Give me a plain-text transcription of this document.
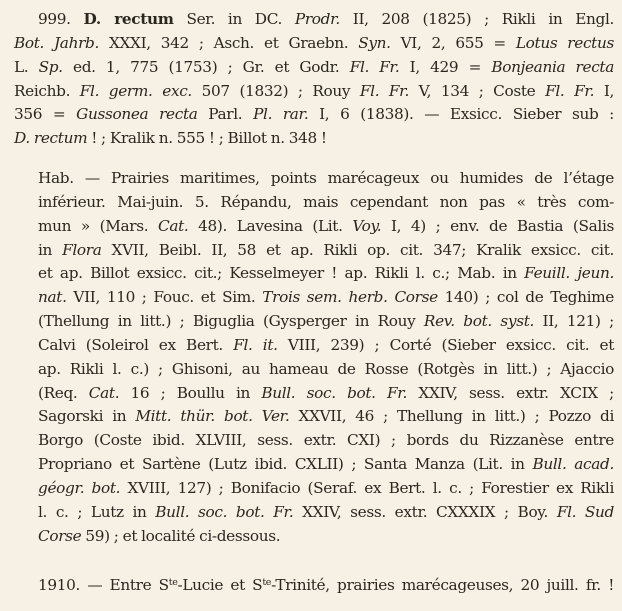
999. D. rectum Ser. in DC. Prodr. II, 208 (1825) ; Rikli in Engl.
Bot. Jahrb. XXXI, 342 ; Asch. et Graebn. Syn. VI, 2, 655 = Lotus rectus
L. Sp. ed. 1, 775 (1753) ; Gr. et Godr. Fl. Fr. I, 429 = Bonjeania recta
Reichb. Fl. germ. exc. 507 (1832) ; Rouy Fl. Fr. V, 134 ; Coste Fl. Fr. I,
356 = Gussonea recta Parl. Pl. rar. I, 6 (1838). — Exsicc. Sieber sub :
D. rectum ! ; Kralik n. 555 ! ; Billot n. 348 !
Hab. — Prairies maritimes, points marécageux ou humides de l’étage
inférieur. Mai-juin. 5. Répandu, mais cependant non pas « très com-
mun » (Mars. Cat. 48). Lavesina (Lit. Voy. I, 4) ; env. de Bastia (Salis
in Flora XVII, Beibl. II, 58 et ap. Rikli op. cit. 347; Kralik exsicc. cit.
et ap. Billot exsicc. cit.; Kesselmeyer ! ap. Rikli l. c.; Mab. in Feuill. jeun.
nat. VII, 110 ; Fouc. et Sim. Trois sem. herb. Corse 140) ; col de Teghime
(Thellung in litt.) ; Biguglia (Gysperger in Rouy Rev. bot. syst. II, 121) ;
Calvi (Soleirol ex Bert. Fl. it. VIII, 239) ; Corté (Sieber exsicc. cit. et
ap. Rikli l. c.) ; Ghisoni, au hameau de Rosse (Rotgès in litt.) ; Ajaccio
(Req. Cat. 16 ; Boullu in Bull. soc. bot. Fr. XXIV, sess. extr. XCIX ;
Sagorski in Mitt. thür. bot. Ver. XXVII, 46 ; Thellung in litt.) ; Pozzo di
Borgo (Coste ibid. XLVIII, sess. extr. CXI) ; bords du Rizzanèse entre
Propriano et Sartène (Lutz ibid. CXLII) ; Santa Manza (Lit. in Bull. acad.
géogr. bot. XVIII, 127) ; Bonifacio (Seraf. ex Bert. l. c. ; Forestier ex Rikli
l. c. ; Lutz in Bull. soc. bot. Fr. XXIV, sess. extr. CXXXIX ; Boy. Fl. Sud
Corse 59) ; et localité ci-dessous.
1910. — Entre $S^{te}$-Lucie et $S^{te}$-Trinité, prairies marécageuses, 20 juill. fr. !
